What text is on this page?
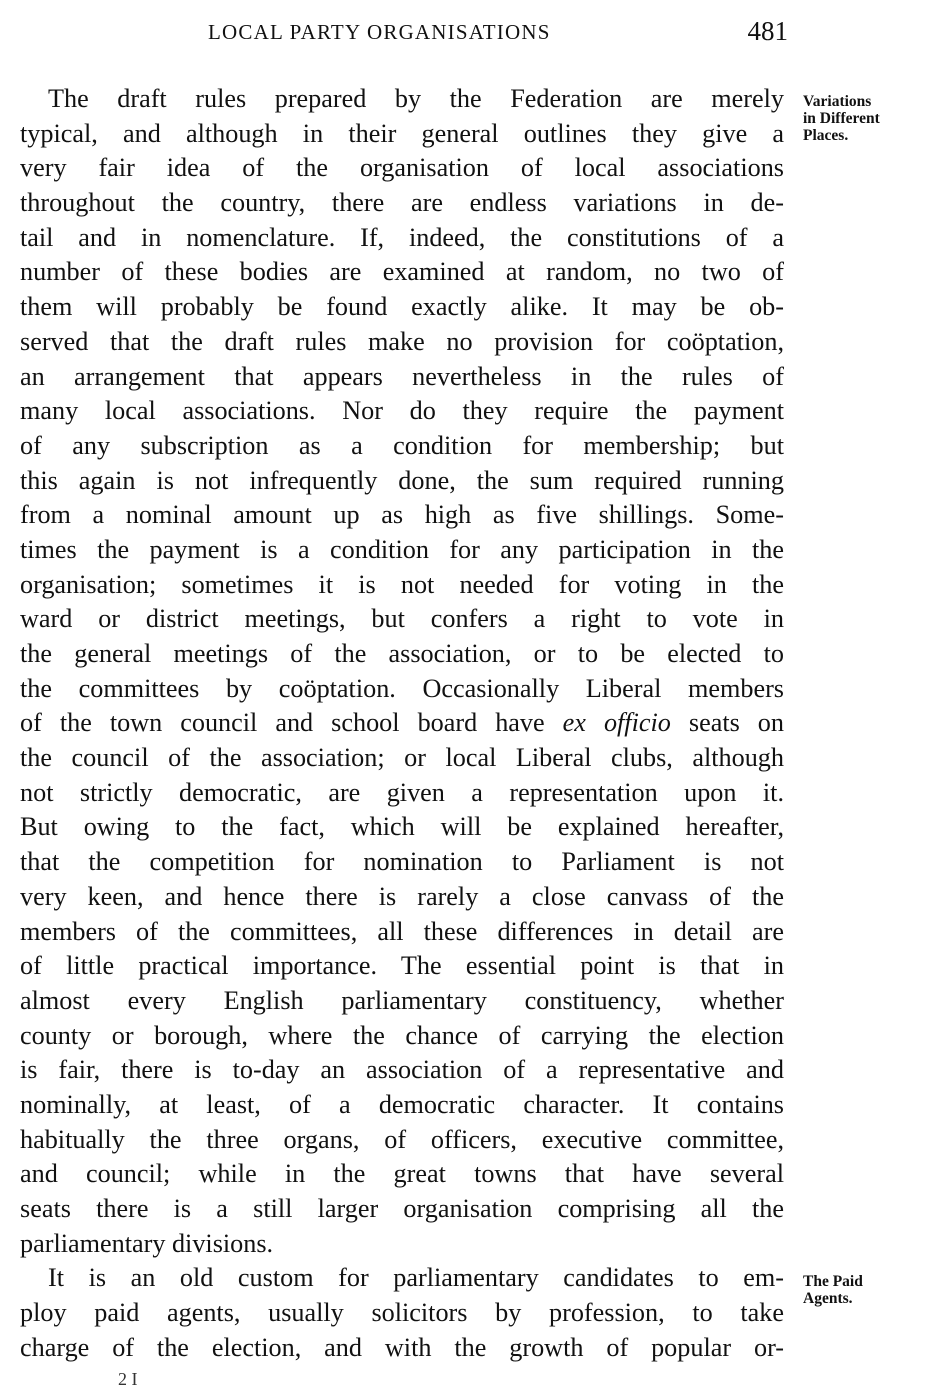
LOCAL PARTY ORGANISATIONS	481
The draft rules prepared by the Federation are merely
typical, and although in their general outlines they give a
very fair idea of the organisation of local associations
throughout the country, there are endless variations in de-
tail and in nomenclature. If, indeed, the constitutions of a
number of these bodies are examined at random, no two of
them will probably be found exactly alike. It may be ob-
served that the draft rules make no provision for coöptation,
an arrangement that appears nevertheless in the rules of
many local associations. Nor do they require the payment
of any subscription as a condition for membership; but
this again is not infrequently done, the sum required running
from a nominal amount up as high as five shillings. Some-
times the payment is a condition for any participation in the
organisation; sometimes it is not needed for voting in the
ward or district meetings, but confers a right to vote in
the general meetings of the association, or to be elected to
the committees by coöptation. Occasionally Liberal members
of the town council and school board have ex officio seats on
the council of the association; or local Liberal clubs, although
not strictly democratic, are given a representation upon it.
But owing to the fact, which will be explained hereafter,
that the competition for nomination to Parliament is not
very keen, and hence there is rarely a close canvass of the
members of the committees, all these differences in detail are
of little practical importance. The essential point is that in
almost every English parliamentary constituency, whether
county or borough, where the chance of carrying the election
is fair, there is to-day an association of a representative and
nominally, at least, of a democratic character. It contains
habitually the three organs, of officers, executive committee,
and council; while in the great towns that have several
seats there is a still larger organisation comprising all the
parliamentary divisions.
It is an old custom for parliamentary candidates to em-
ploy paid agents, usually solicitors by profession, to take
charge of the election, and with the growth of popular or-
Variations
in Different
Places.
The Paid
Agents.
2 I
